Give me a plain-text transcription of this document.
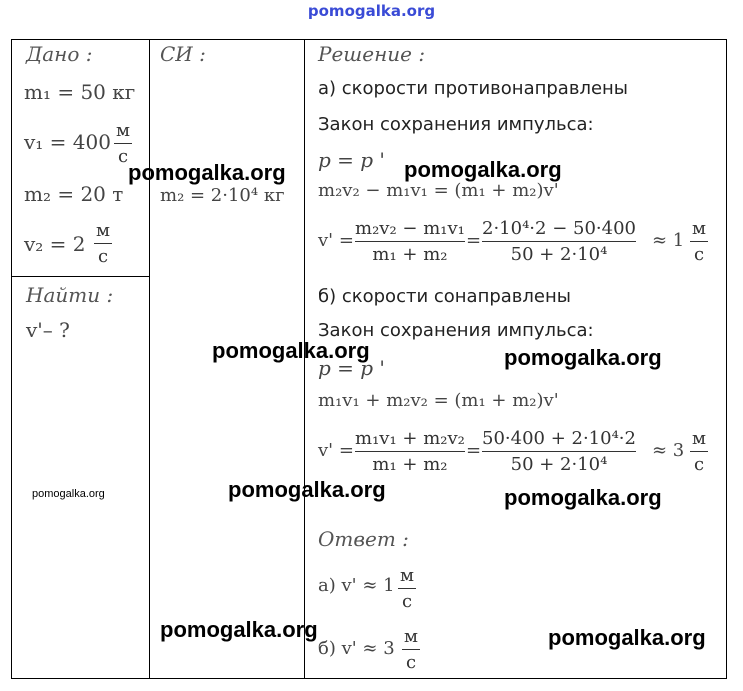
pomogalka.org
Дано :
m₁ = 50 кг
v₁ = 400 м
с
m₂ = 20 т
v₂ = 2
м
с
Найти :
v'– ?
СИ :
m₂ = 2·10⁴ кг
Решение :
а) скорости противонаправлены
Закон сохранения импульса:
p = p '
m₂v₂ − m₁v₁ = (m₁ + m₂)v'
v' =
m₂v₂ − m₁v₁
m₁ + m₂
=
2·10⁴·2 − 50·400
50 + 2·10⁴
≈ 1
м
с
б) скорости сонаправлены
Закон сохранения импульса:
p = p '
m₁v₁ + m₂v₂ = (m₁ + m₂)v'
v' =
m₁v₁ + m₂v₂
m₁ + m₂
=
50·400 + 2·10⁴·2
50 + 2·10⁴
≈ 3
м
с
Ответ :
а) v' ≈ 1 м
с
б) v' ≈ 3
м
с
pomogalka.org	pomogalka.org
pomogalka.org	pomogalka.org
pomogalka.org	pomogalka.org	pomogalka.org
pomogalka.org	pomogalka.org
